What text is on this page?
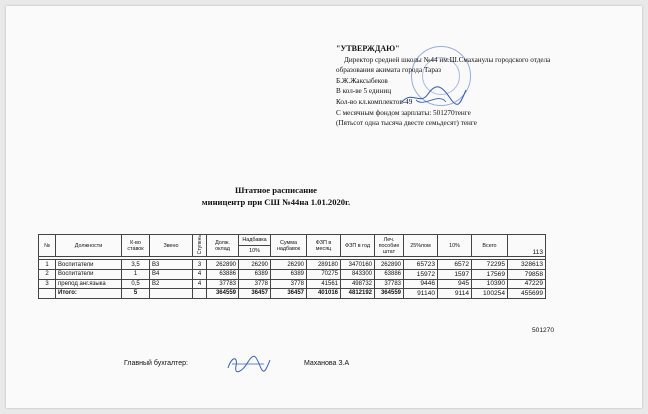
"УТВЕРЖДАЮ"
Директор средней школы №44 им.Ш.Смаханулы городского отдела
образования акимата города Тараз
Б.Ж.Жаксыбеков
В кол-ве 5 единиц
Кол-во кл.комплектов-49
С месячным фондом зарплаты: 501270тенге
(Пятьсот одна тысяча двесте семьдесят) тенге
Штатное расписание
миницентр при СШ №44на 1.01.2020г.
№	Должности	К-во ставок	Звено	Ступень	Долж. оклад	Надбавка	Сумма надбавок	ФЗП в месяц	ФЗП в год	Леч. пособие штат	25%пом	10%	Всего	113
						10%								

1	Воспитатели	3,5	В3	3	262890	26290	26290	289180	3470160	262890	65723	6572	72295	328613
2	Воспитатели	1	В4	4	63886	6389	6389	70275	843300	63886	15972	1597	17569	79858
3	препод анг.языка	0,5	В2	4	37783	3778	3778	41561	498732	37783	9446	945	10390	47229
	Итого:	5			364559	36457	36457	401016	4812192	364559	91140	9114	100254	455699
501270
Главный бухгалтер:	Маханова З.А
